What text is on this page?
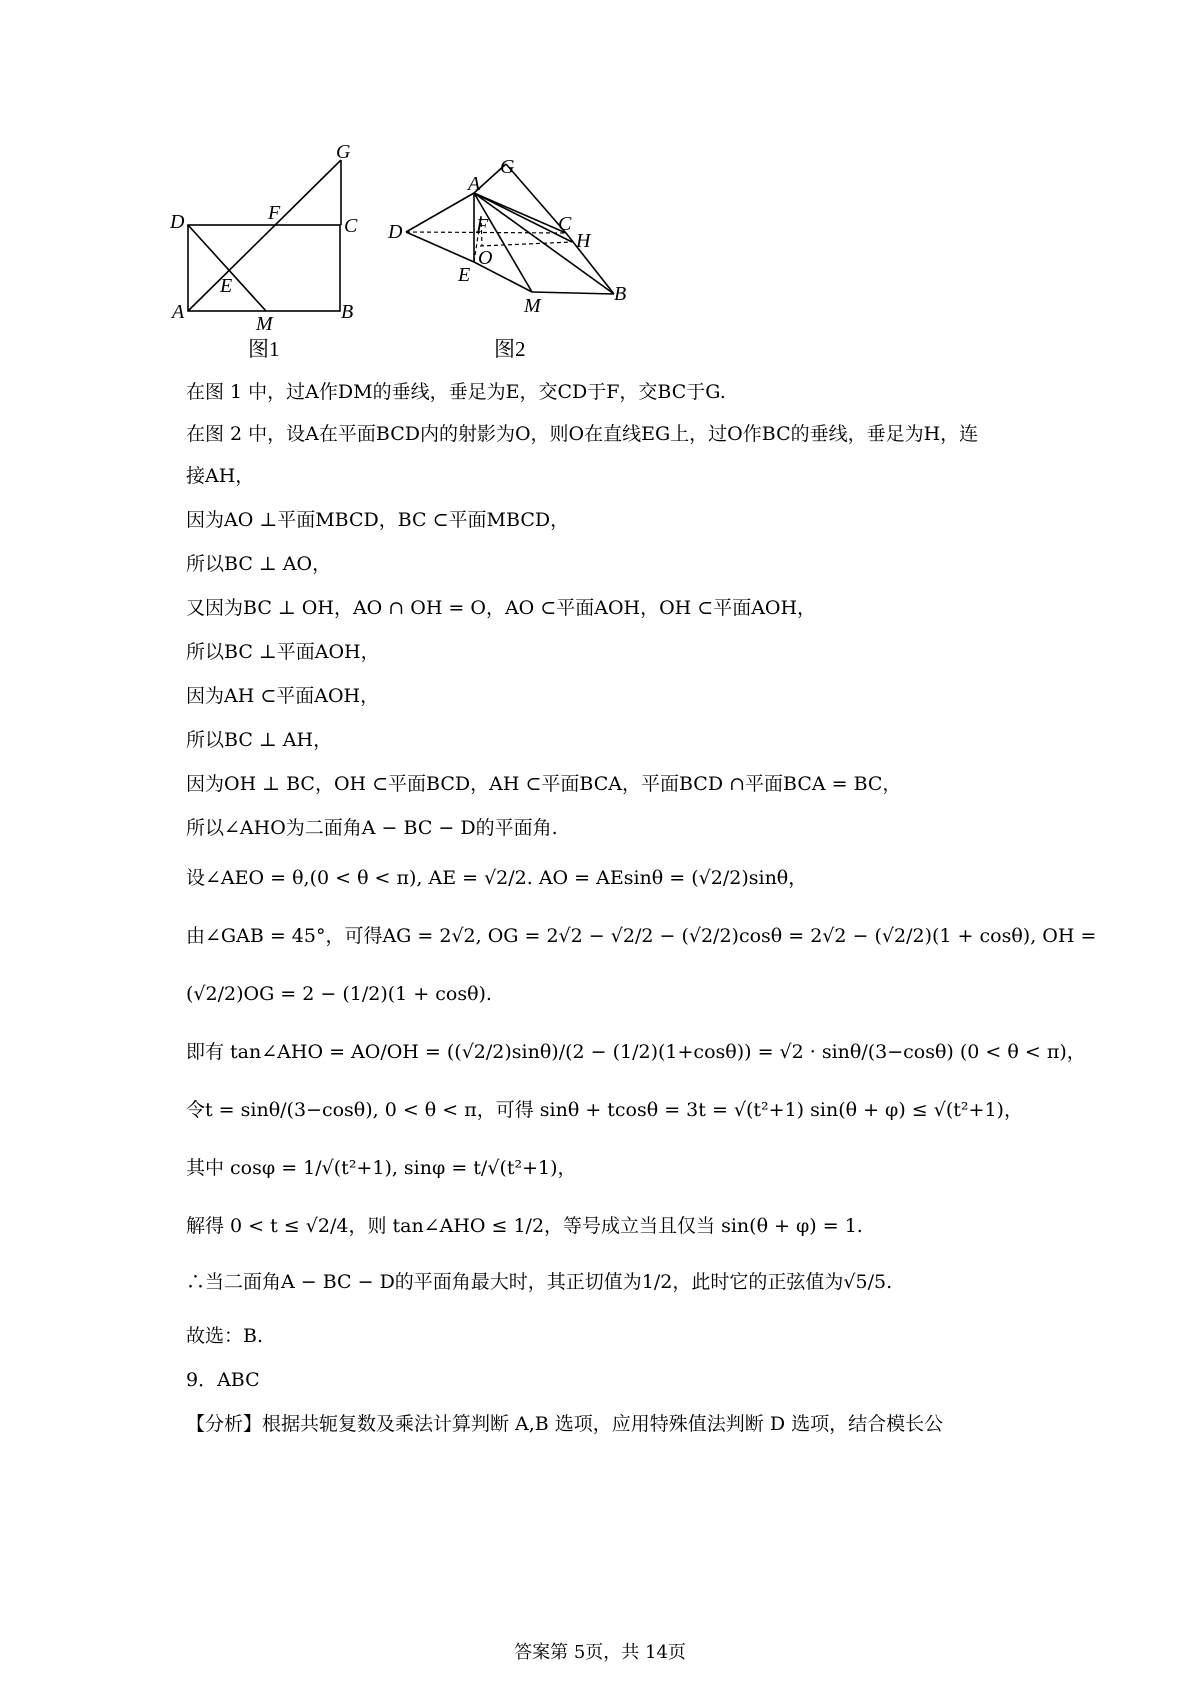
G
D	F
C
E
A
M
B
图1
G
A
D	F	C
H
O
E
M
B
图2
在图 1 中，过A作DM的垂线，垂足为E，交CD于F，交BC于G.
在图 2 中，设A在平面BCD内的射影为O，则O在直线EG上，过O作BC的垂线，垂足为H，连
接AH，
因为AO ⊥平面MBCD，BC ⊂平面MBCD，
所以BC ⊥ AO，
又因为BC ⊥ OH，AO ∩ OH = O，AO ⊂平面AOH，OH ⊂平面AOH，
所以BC ⊥平面AOH，
因为AH ⊂平面AOH，
所以BC ⊥ AH，
因为OH ⊥ BC，OH ⊂平面BCD，AH ⊂平面BCA，平面BCD ∩平面BCA = BC，
所以∠AHO为二面角A − BC − D的平面角.
设∠AEO = θ,(0 < θ < π), AE = √2/2. AO = AEsinθ = (√2/2)sinθ，
由∠GAB = 45°，可得AG = 2√2, OG = 2√2 − √2/2 − (√2/2)cosθ = 2√2 − (√2/2)(1 + cosθ), OH =
(√2/2)OG = 2 − (1/2)(1 + cosθ).
即有 tan∠AHO = AO/OH = ((√2/2)sinθ)/(2 − (1/2)(1+cosθ)) = √2 · sinθ/(3−cosθ) (0 < θ < π)，
令t = sinθ/(3−cosθ), 0 < θ < π，可得 sinθ + tcosθ = 3t = √(t²+1) sin(θ + φ) ≤ √(t²+1)，
其中 cosφ = 1/√(t²+1), sinφ = t/√(t²+1)，
解得 0 < t ≤ √2/4，则 tan∠AHO ≤ 1/2，等号成立当且仅当 sin(θ + φ) = 1.
∴当二面角A − BC − D的平面角最大时，其正切值为1/2，此时它的正弦值为√5/5.
故选：B.
9．ABC
【分析】根据共轭复数及乘法计算判断 A,B 选项，应用特殊值法判断 D 选项，结合模长公
答案第 5页，共 14页
